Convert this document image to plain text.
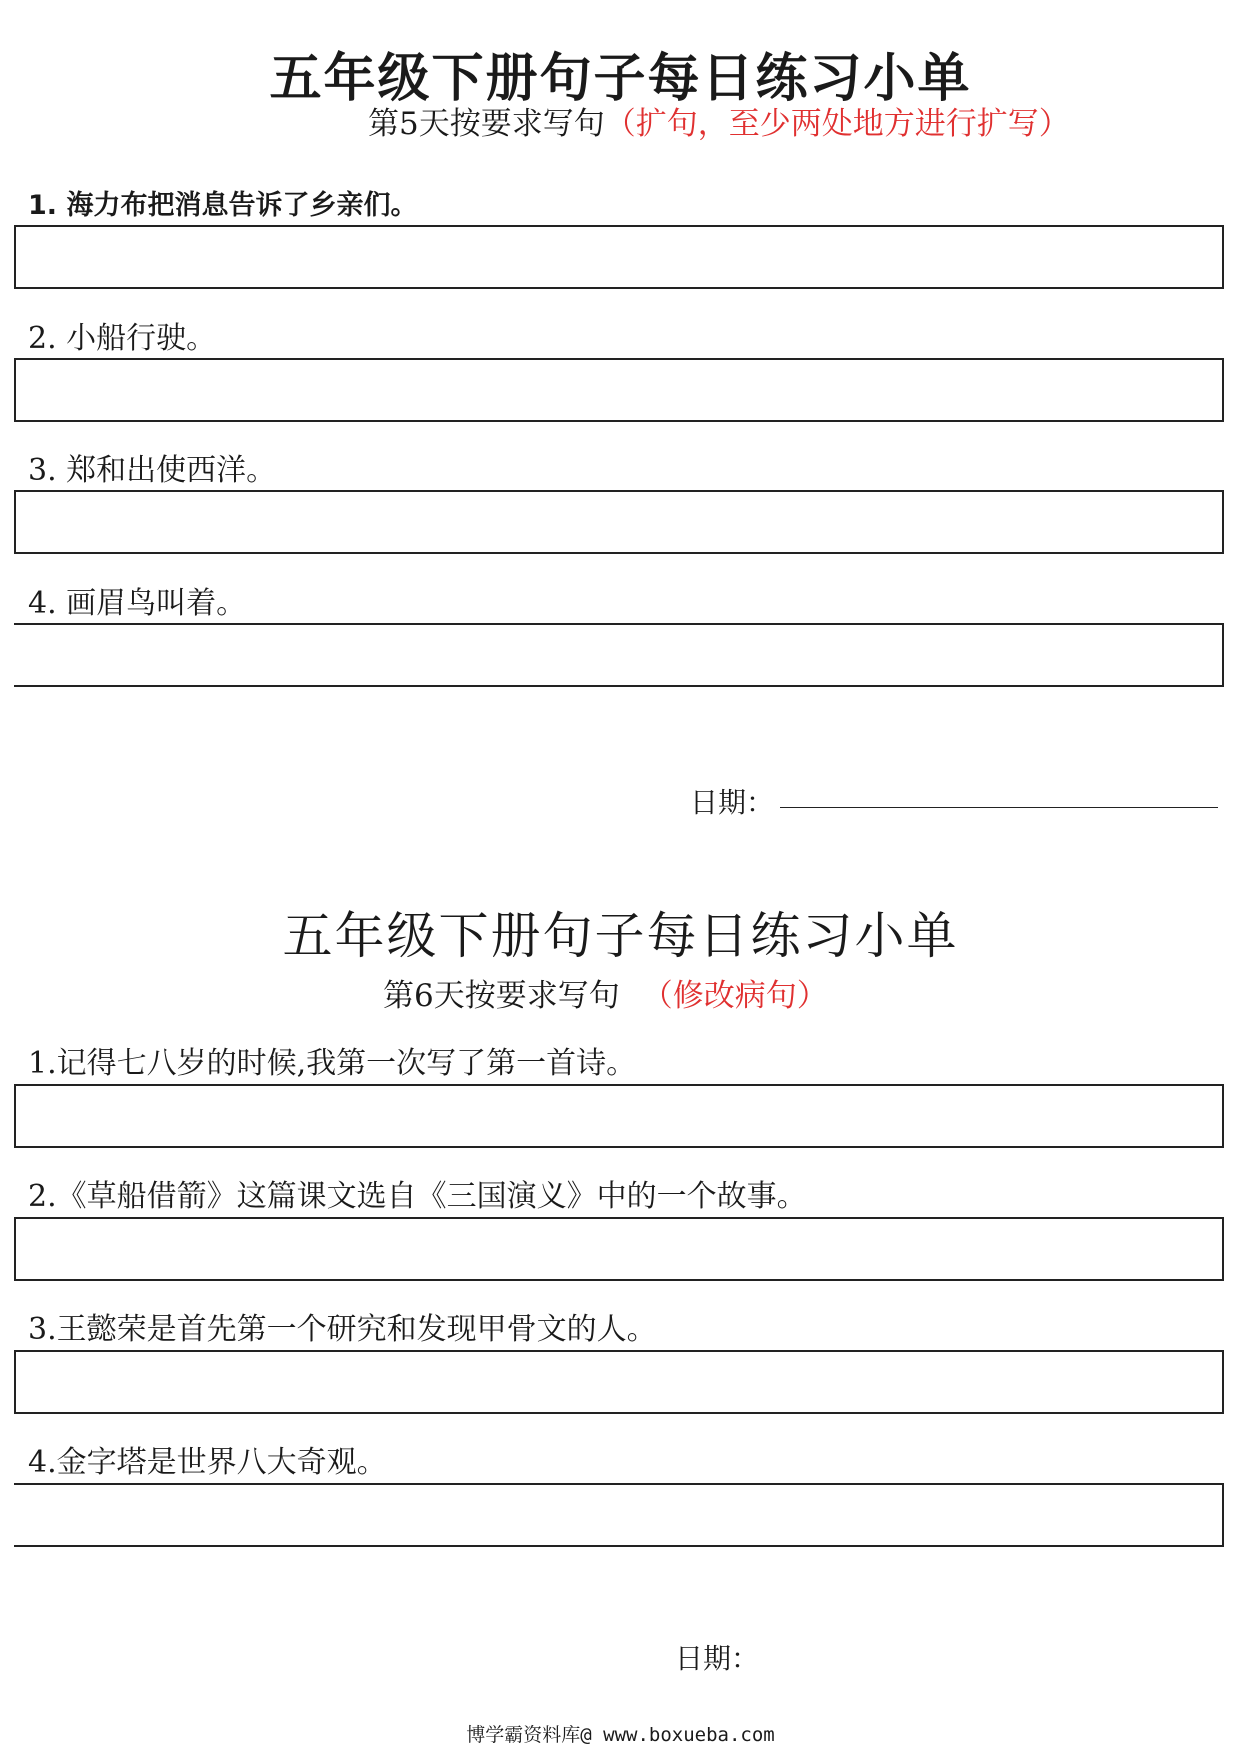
五年级下册句子每日练习小单
第5天按要求写句（扩句，至少两处地方进行扩写）
1. 海力布把消息告诉了乡亲们。
2. 小船行驶。
3. 郑和出使西洋。
4. 画眉鸟叫着。
日期：
五年级下册句子每日练习小单
第6天按要求写句 （修改病句）
1.记得七八岁的时候,我第一次写了第一首诗。
2.《草船借箭》这篇课文选自《三国演义》中的一个故事。
3.王懿荣是首先第一个研究和发现甲骨文的人。
4.金字塔是世界八大奇观。
日期：
博学霸资料库@ www.boxueba.com
